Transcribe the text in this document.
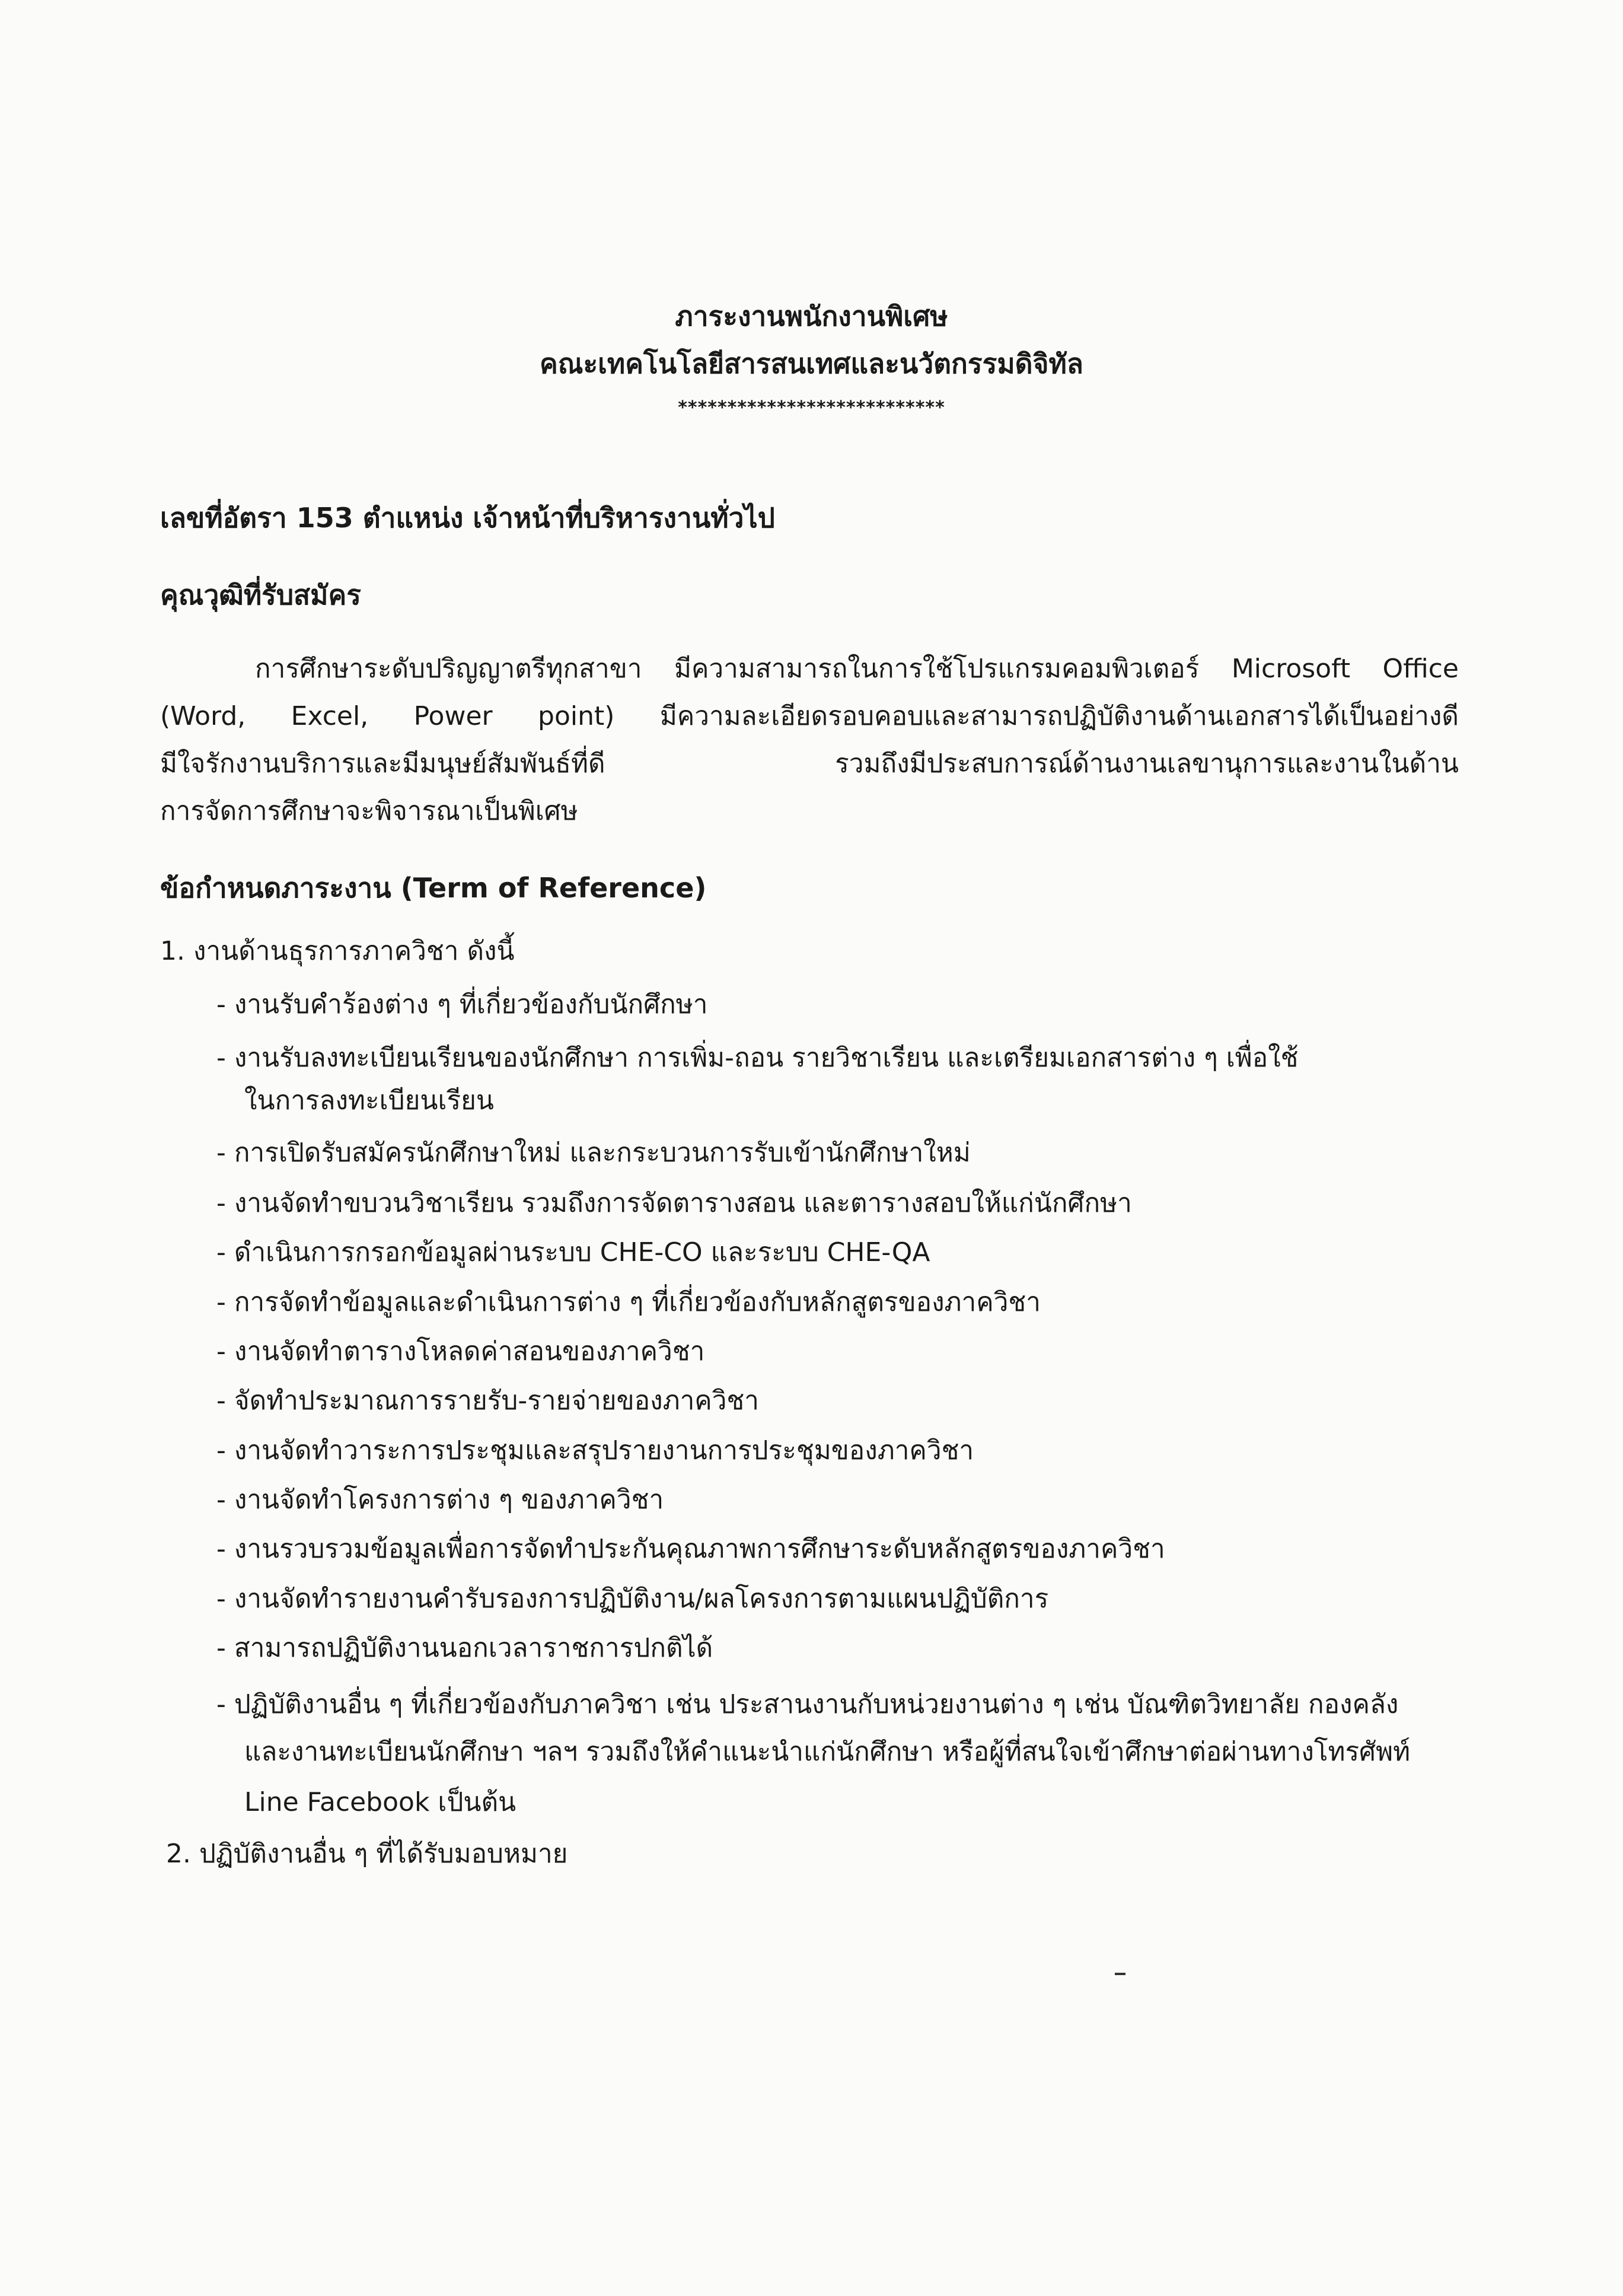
ภาระงานพนักงานพิเศษ
คณะเทคโนโลยีสารสนเทศและนวัตกรรมดิจิทัล
***************************
เลขที่อัตรา 153 ตำแหน่ง เจ้าหน้าที่บริหารงานทั่วไป
คุณวุฒิที่รับสมัคร
การศึกษาระดับปริญญาตรีทุกสาขา มีความสามารถในการใช้โปรแกรมคอมพิวเตอร์ Microsoft Office
(Word, Excel, Power point) มีความละเอียดรอบคอบและสามารถปฏิบัติงานด้านเอกสารได้เป็นอย่างดี
มีใจรักงานบริการและมีมนุษย์สัมพันธ์ที่ดี รวมถึงมีประสบการณ์ด้านงานเลขานุการและงานในด้าน
การจัดการศึกษาจะพิจารณาเป็นพิเศษ
ข้อกำหนดภาระงาน (Term of Reference)
1. งานด้านธุรการภาควิชา ดังนี้
- งานรับคำร้องต่าง ๆ ที่เกี่ยวข้องกับนักศึกษา
- งานรับลงทะเบียนเรียนของนักศึกษา การเพิ่ม-ถอน รายวิชาเรียน และเตรียมเอกสารต่าง ๆ เพื่อใช้
ในการลงทะเบียนเรียน
- การเปิดรับสมัครนักศึกษาใหม่ และกระบวนการรับเข้านักศึกษาใหม่
- งานจัดทำขบวนวิชาเรียน รวมถึงการจัดตารางสอน และตารางสอบให้แก่นักศึกษา
- ดำเนินการกรอกข้อมูลผ่านระบบ CHE-CO และระบบ CHE-QA
- การจัดทำข้อมูลและดำเนินการต่าง ๆ ที่เกี่ยวข้องกับหลักสูตรของภาควิชา
- งานจัดทำตารางโหลดค่าสอนของภาควิชา
- จัดทำประมาณการรายรับ-รายจ่ายของภาควิชา
- งานจัดทำวาระการประชุมและสรุปรายงานการประชุมของภาควิชา
- งานจัดทำโครงการต่าง ๆ ของภาควิชา
- งานรวบรวมข้อมูลเพื่อการจัดทำประกันคุณภาพการศึกษาระดับหลักสูตรของภาควิชา
- งานจัดทำรายงานคำรับรองการปฏิบัติงาน/ผลโครงการตามแผนปฏิบัติการ
- สามารถปฏิบัติงานนอกเวลาราชการปกติได้
- ปฏิบัติงานอื่น ๆ ที่เกี่ยวข้องกับภาควิชา เช่น ประสานงานกับหน่วยงานต่าง ๆ เช่น บัณฑิตวิทยาลัย กองคลัง
และงานทะเบียนนักศึกษา ฯลฯ รวมถึงให้คำแนะนำแก่นักศึกษา หรือผู้ที่สนใจเข้าศึกษาต่อผ่านทางโทรศัพท์
Line Facebook เป็นต้น
2. ปฏิบัติงานอื่น ๆ ที่ได้รับมอบหมาย
